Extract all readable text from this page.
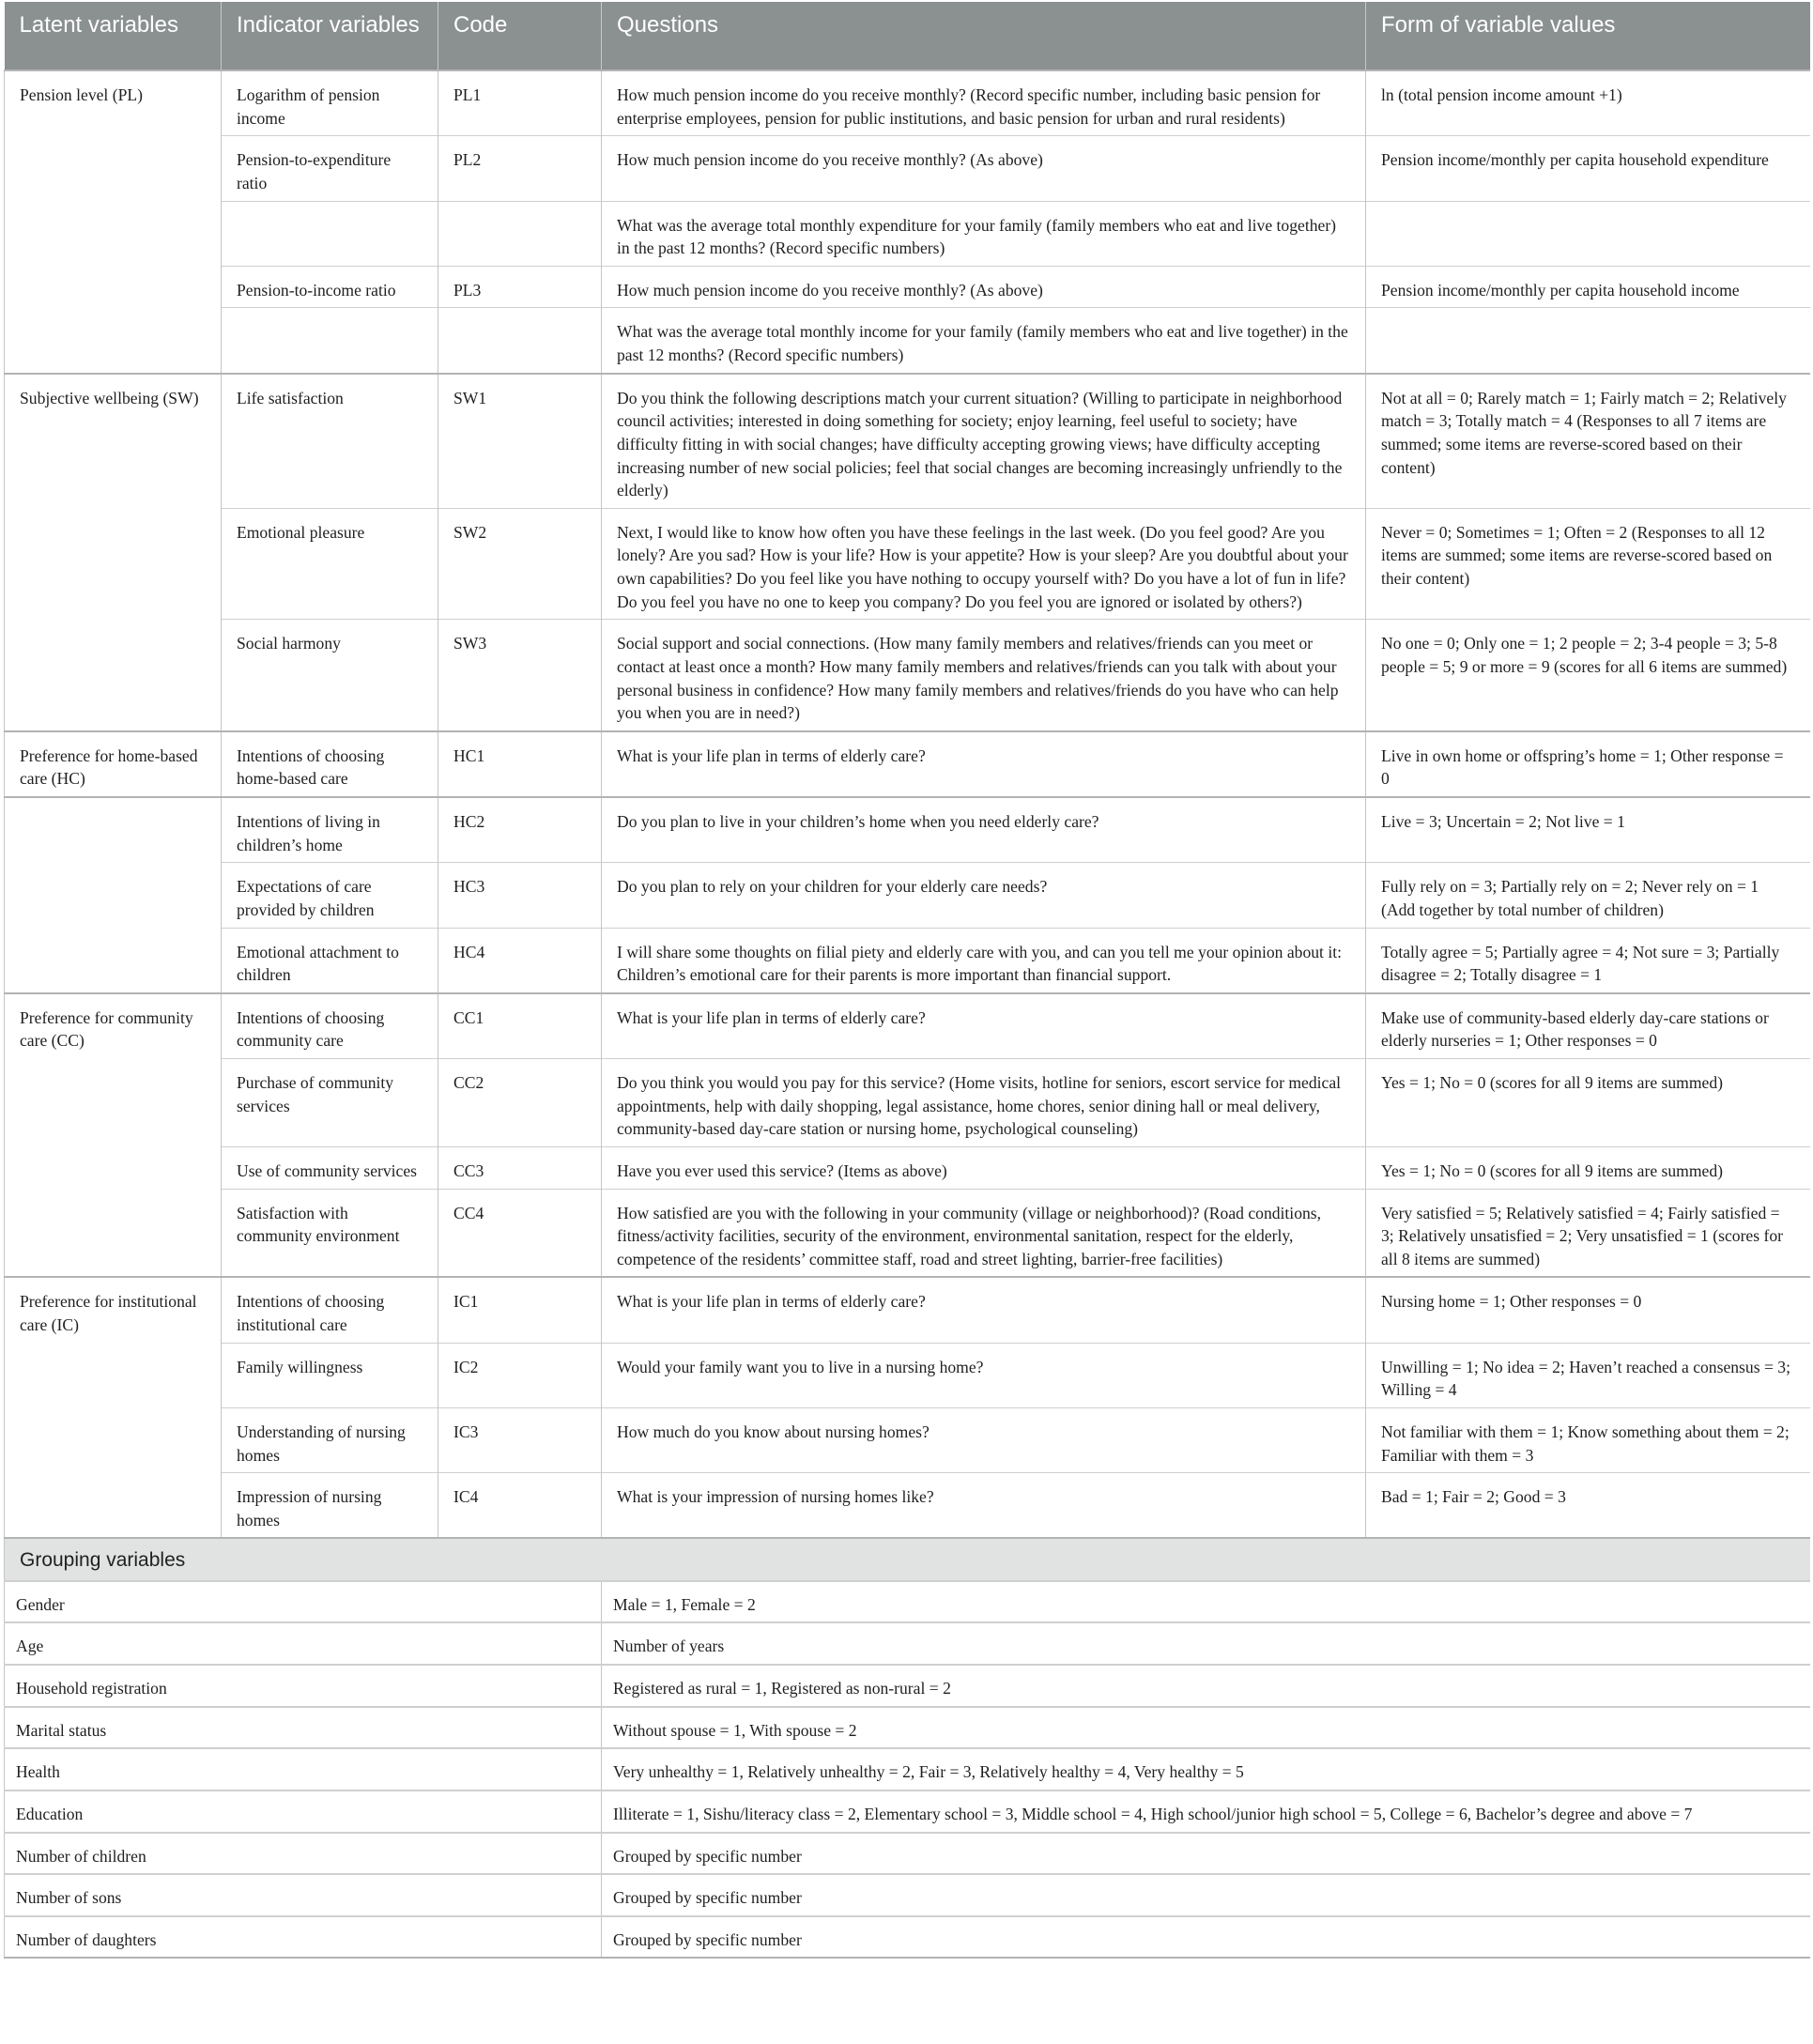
Latent variables	Indicator variables	Code	Questions	Form of variable values

Pension level (PL)	Logarithm of pension income	PL1	How much pension income do you receive monthly? (Record specific number, including basic pension for enterprise employees, pension for public institutions, and basic pension for urban and rural residents)	ln (total pension income amount +1)

	Pension-to-expenditure ratio	PL2	How much pension income do you receive monthly? (As above)	Pension income/monthly per capita household expenditure

			What was the average total monthly expenditure for your family (family members who eat and live together) in the past 12 months? (Record specific numbers)	

	Pension-to-income ratio	PL3	How much pension income do you receive monthly? (As above)	Pension income/monthly per capita household income

			What was the average total monthly income for your family (family members who eat and live together) in the past 12 months? (Record specific numbers)	

Subjective wellbeing (SW)	Life satisfaction	SW1	Do you think the following descriptions match your current situation? (Willing to participate in neighborhood council activities; interested in doing something for society; enjoy learning, feel useful to society; have difficulty fitting in with social changes; have difficulty accepting growing views; have difficulty accepting increasing number of new social policies; feel that social changes are becoming increasingly unfriendly to the elderly)	Not at all = 0; Rarely match = 1; Fairly match = 2; Relatively match = 3; Totally match = 4 (Responses to all 7 items are summed; some items are reverse-scored based on their content)

	Emotional pleasure	SW2	Next, I would like to know how often you have these feelings in the last week. (Do you feel good? Are you lonely? Are you sad? How is your life? How is your appetite? How is your sleep? Are you doubtful about your own capabilities? Do you feel like you have nothing to occupy yourself with? Do you have a lot of fun in life? Do you feel you have no one to keep you company? Do you feel you are ignored or isolated by others?)	Never = 0; Sometimes = 1; Often = 2 (Responses to all 12 items are summed; some items are reverse-scored based on their content)

	Social harmony	SW3	Social support and social connections. (How many family members and relatives/friends can you meet or contact at least once a month? How many family members and relatives/friends can you talk with about your personal business in confidence? How many family members and relatives/friends do you have who can help you when you are in need?)	No one = 0; Only one = 1; 2 people = 2; 3-4 people = 3; 5-8 people = 5; 9 or more = 9 (scores for all 6 items are summed)

Preference for home-based care (HC)	Intentions of choosing home-based care	HC1	What is your life plan in terms of elderly care?	Live in own home or offspring’s home = 1; Other response = 0

	Intentions of living in children’s home	HC2	Do you plan to live in your children’s home when you need elderly care?	Live = 3; Uncertain = 2; Not live = 1

	Expectations of care provided by children	HC3	Do you plan to rely on your children for your elderly care needs?	Fully rely on = 3; Partially rely on = 2; Never rely on = 1 (Add together by total number of children)

	Emotional attachment to children	HC4	I will share some thoughts on filial piety and elderly care with you, and can you tell me your opinion about it: Children’s emotional care for their parents is more important than financial support.	Totally agree = 5; Partially agree = 4; Not sure = 3; Partially disagree = 2; Totally disagree = 1

Preference for community care (CC)	Intentions of choosing community care	CC1	What is your life plan in terms of elderly care?	Make use of community-based elderly day-care stations or elderly nurseries = 1; Other responses = 0

	Purchase of community services	CC2	Do you think you would you pay for this service? (Home visits, hotline for seniors, escort service for medical appointments, help with daily shopping, legal assistance, home chores, senior dining hall or meal delivery, community-based day-care station or nursing home, psychological counseling)	Yes = 1; No = 0 (scores for all 9 items are summed)

	Use of community services	CC3	Have you ever used this service? (Items as above)	Yes = 1; No = 0 (scores for all 9 items are summed)

	Satisfaction with community environment	CC4	How satisfied are you with the following in your community (village or neighborhood)? (Road conditions, fitness/activity facilities, security of the environment, environmental sanitation, respect for the elderly, competence of the residents’ committee staff, road and street lighting, barrier-free facilities)	Very satisfied = 5; Relatively satisfied = 4; Fairly satisfied = 3; Relatively unsatisfied = 2; Very unsatisfied = 1 (scores for all 8 items are summed)

Preference for institutional care (IC)	Intentions of choosing institutional care	IC1	What is your life plan in terms of elderly care?	Nursing home = 1; Other responses = 0

	Family willingness	IC2	Would your family want you to live in a nursing home?	Unwilling = 1; No idea = 2; Haven’t reached a consensus = 3; Willing = 4

	Understanding of nursing homes	IC3	How much do you know about nursing homes?	Not familiar with them = 1; Know something about them = 2; Familiar with them = 3

	Impression of nursing homes	IC4	What is your impression of nursing homes like?	Bad = 1; Fair = 2; Good = 3

Grouping variables				
Gender			Male = 1, Female = 2	
Age			Number of years	
Household registration			Registered as rural = 1, Registered as non-rural = 2	
Marital status			Without spouse = 1, With spouse = 2	
Health			Very unhealthy = 1, Relatively unhealthy = 2, Fair = 3, Relatively healthy = 4, Very healthy = 5	
Education			Illiterate = 1, Sishu/literacy class = 2, Elementary school = 3, Middle school = 4, High school/junior high school = 5, College = 6, Bachelor’s degree and above = 7	
Number of children			Grouped by specific number	
Number of sons			Grouped by specific number	
Number of daughters			Grouped by specific number	
